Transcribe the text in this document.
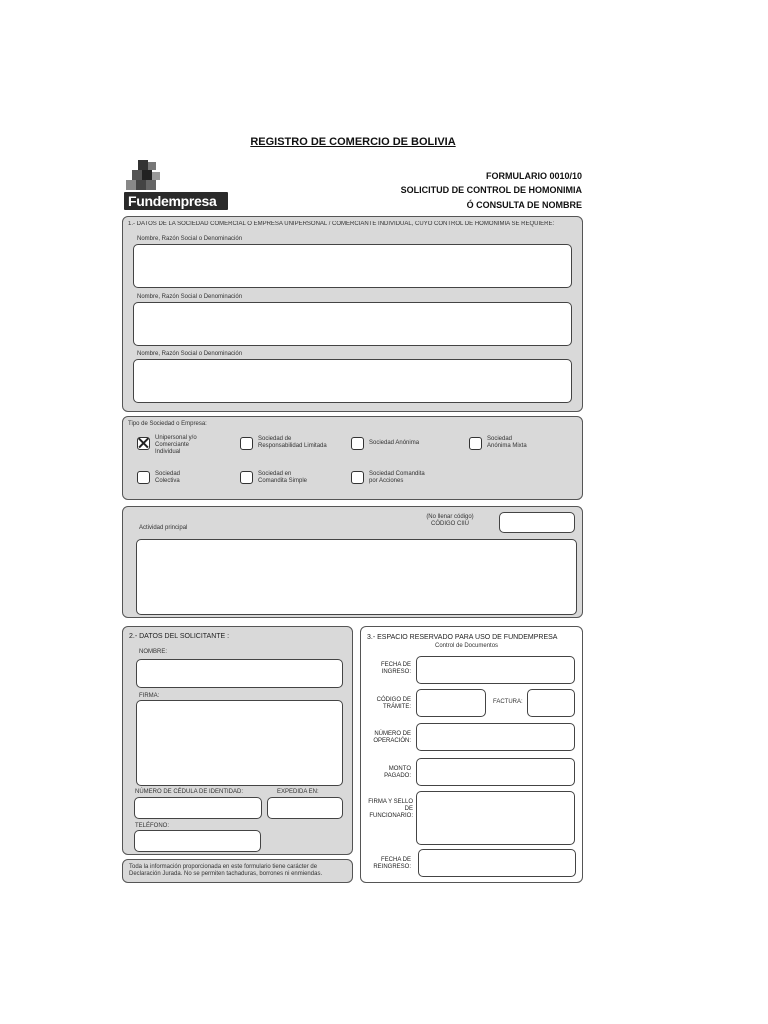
REGISTRO DE COMERCIO DE BOLIVIA
Fundempresa
FORMULARIO 0010/10
SOLICITUD DE CONTROL DE HOMONIMIA
Ó CONSULTA DE NOMBRE
1.- DATOS DE LA SOCIEDAD COMERCIAL O EMPRESA UNIPERSONAL / COMERCIANTE INDIVIDUAL, CUYO CONTROL DE HOMONIMIA SE REQUIERE:
Nombre, Razón Social o Denominación
Nombre, Razón Social o Denominación
Nombre, Razón Social o Denominación
Tipo de Sociedad o Empresa:
Unipersonal y/o
Comerciante
Individual
Sociedad de
Responsabilidad Limitada	Sociedad Anónima
Sociedad
Anónima Mixta
Sociedad
Colectiva
Sociedad en
Comandita Simple
Sociedad Comandita
por Acciones
(No llenar código)
CÓDIGO CIIU
Actividad principal
2.- DATOS DEL SOLICITANTE :
NOMBRE:
FIRMA:
NÚMERO DE CÉDULA DE IDENTIDAD:	EXPEDIDA EN:
TELÉFONO:
Toda la información proporcionada en este formulario tiene carácter de Declaración Jurada. No se permiten tachaduras, borrones ni enmiendas.
3.- ESPACIO RESERVADO PARA USO DE FUNDEMPRESA
Control de Documentos
FECHA DE INGRESO:
CÓDIGO DE TRÁMITE:
FACTURA:
NÚMERO DE OPERACIÓN:
MONTO PAGADO:
FIRMA Y SELLO DE FUNCIONARIO:
FECHA DE REINGRESO:
